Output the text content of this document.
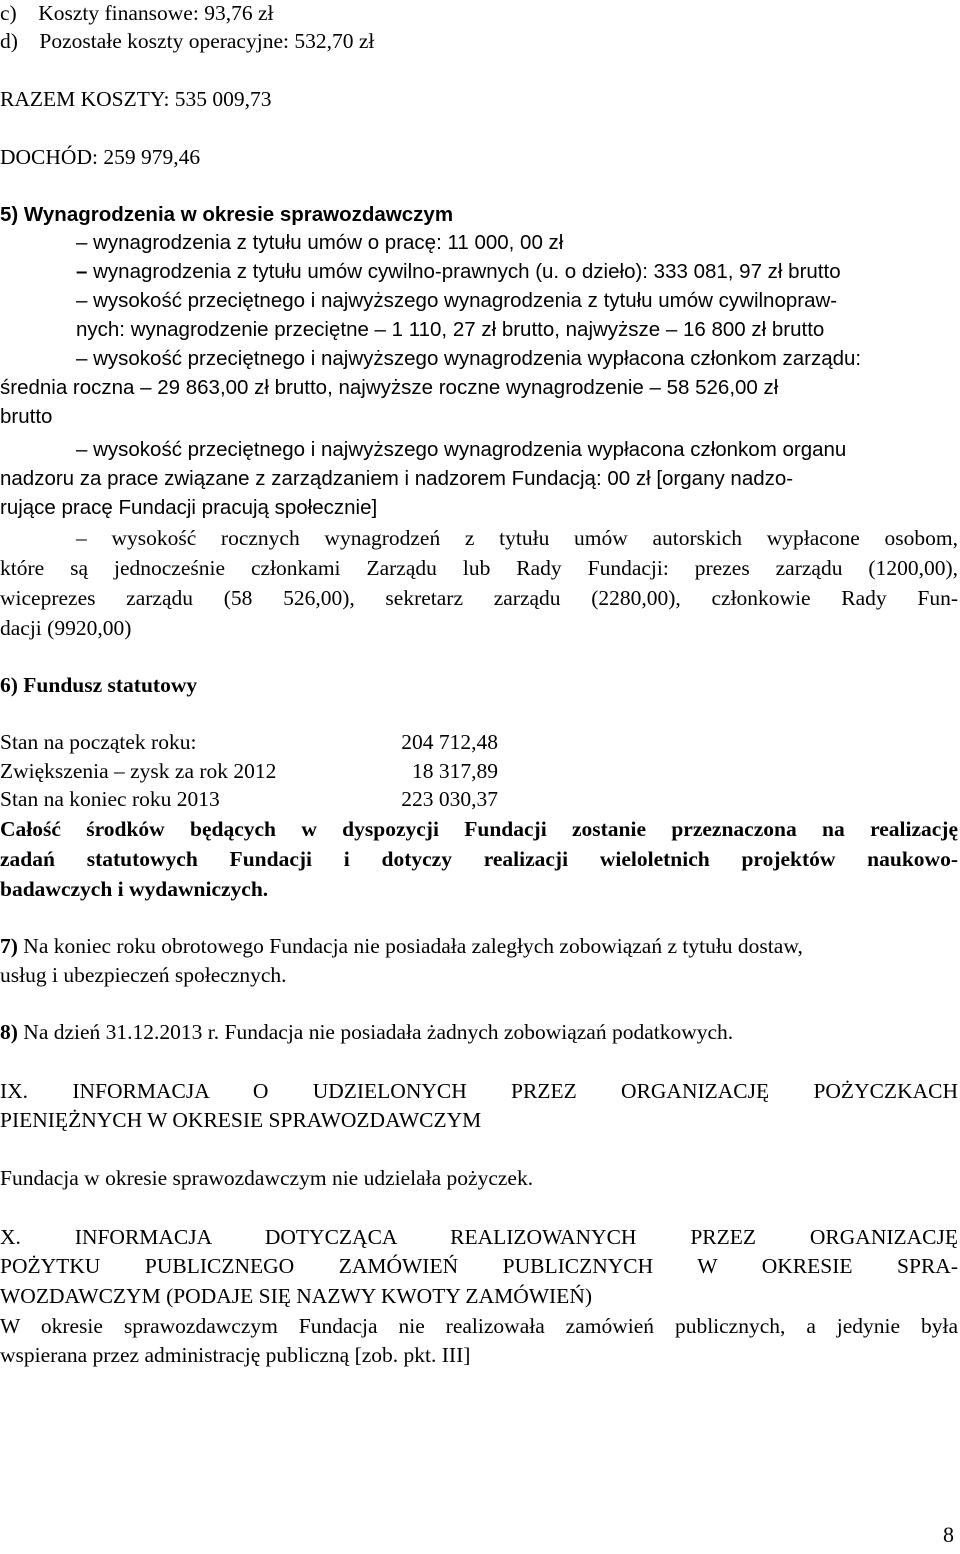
c) Koszty finansowe: 93,76 zł
d) Pozostałe koszty operacyjne: 532,70 zł
RAZEM KOSZTY: 535 009,73
DOCHÓD: 259 979,46
5) Wynagrodzenia w okresie sprawozdawczym
– wynagrodzenia z tytułu umów o pracę: 11 000, 00 zł
– wynagrodzenia z tytułu umów cywilno-prawnych (u. o dzieło): 333 081, 97 zł brutto
– wysokość przeciętnego i najwyższego wynagrodzenia z tytułu umów cywilnopraw-
nych: wynagrodzenie przeciętne – 1 110, 27 zł brutto, najwyższe – 16 800 zł brutto
– wysokość przeciętnego i najwyższego wynagrodzenia wypłacona członkom zarządu:
średnia roczna – 29 863,00 zł brutto, najwyższe roczne wynagrodzenie – 58 526,00 zł
brutto
– wysokość przeciętnego i najwyższego wynagrodzenia wypłacona członkom organu
nadzoru za prace związane z zarządzaniem i nadzorem Fundacją: 00 zł [organy nadzo-
rujące pracę Fundacji pracują społecznie]
– wysokość rocznych wynagrodzeń z tytułu umów autorskich wypłacone osobom,
które są jednocześnie członkami Zarządu lub Rady Fundacji: prezes zarządu (1200,00),
wiceprezes zarządu (58 526,00), sekretarz zarządu (2280,00), członkowie Rady Fun-
dacji (9920,00)
6) Fundusz statutowy
Stan na początek roku:	204 712,48
Zwiększenia – zysk za rok 2012	18 317,89
Stan na koniec roku 2013	223 030,37
Całość środków będących w dyspozycji Fundacji zostanie przeznaczona na realizację
zadań statutowych Fundacji i dotyczy realizacji wieloletnich projektów naukowo-
badawczych i wydawniczych.
7) Na koniec roku obrotowego Fundacja nie posiadała zaległych zobowiązań z tytułu dostaw,
usług i ubezpieczeń społecznych.
8) Na dzień 31.12.2013 r. Fundacja nie posiadała żadnych zobowiązań podatkowych.
IX. INFORMACJA O UDZIELONYCH PRZEZ ORGANIZACJĘ POŻYCZKACH
PIENIĘŻNYCH W OKRESIE SPRAWOZDAWCZYM
Fundacja w okresie sprawozdawczym nie udzielała pożyczek.
X. INFORMACJA DOTYCZĄCA REALIZOWANYCH PRZEZ ORGANIZACJĘ
POŻYTKU PUBLICZNEGO ZAMÓWIEŃ PUBLICZNYCH W OKRESIE SPRA-
WOZDAWCZYM (PODAJE SIĘ NAZWY KWOTY ZAMÓWIEŃ)
W okresie sprawozdawczym Fundacja nie realizowała zamówień publicznych, a jedynie była
wspierana przez administrację publiczną [zob. pkt. III]
8
